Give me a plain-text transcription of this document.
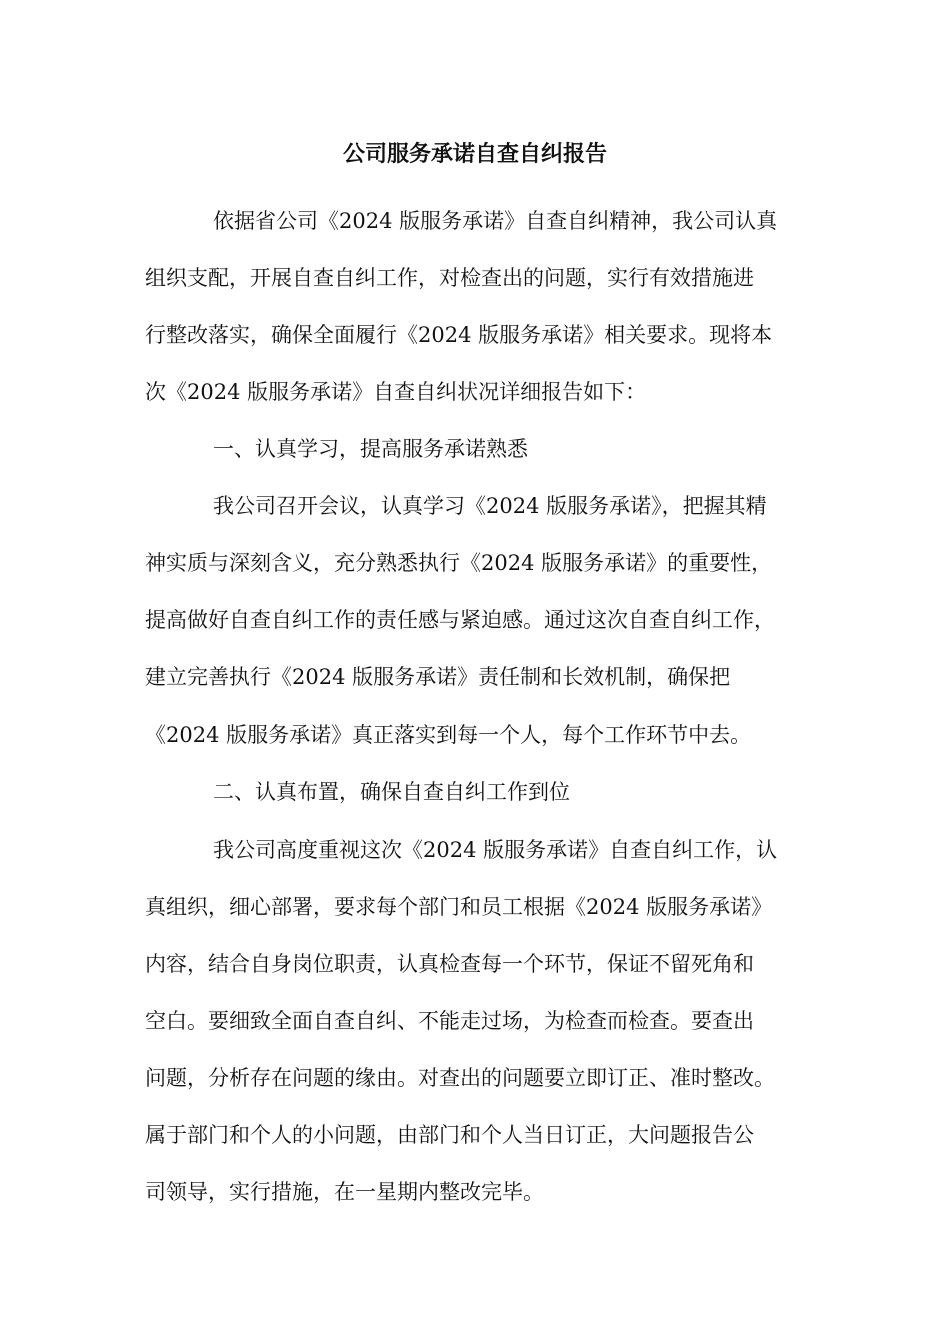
公司服务承诺自查自纠报告
依据省公司《2024 版服务承诺》自查自纠精神，我公司认真
组织支配，开展自查自纠工作，对检查出的问题，实行有效措施进
行整改落实，确保全面履行《2024 版服务承诺》相关要求。现将本
次《2024 版服务承诺》自查自纠状况详细报告如下：
一、认真学习，提高服务承诺熟悉
我公司召开会议，认真学习《2024 版服务承诺》，把握其精
神实质与深刻含义，充分熟悉执行《2024 版服务承诺》的重要性，
提高做好自查自纠工作的责任感与紧迫感。通过这次自查自纠工作，
建立完善执行《2024 版服务承诺》责任制和长效机制，确保把
《2024 版服务承诺》真正落实到每一个人，每个工作环节中去。
二、认真布置，确保自查自纠工作到位
我公司高度重视这次《2024 版服务承诺》自查自纠工作，认
真组织，细心部署，要求每个部门和员工根据《2024 版服务承诺》
内容，结合自身岗位职责，认真检查每一个环节，保证不留死角和
空白。要细致全面自查自纠、不能走过场，为检查而检查。要查出
问题，分析存在问题的缘由。对查出的问题要立即订正、准时整改。
属于部门和个人的小问题，由部门和个人当日订正，大问题报告公
司领导，实行措施，在一星期内整改完毕。
